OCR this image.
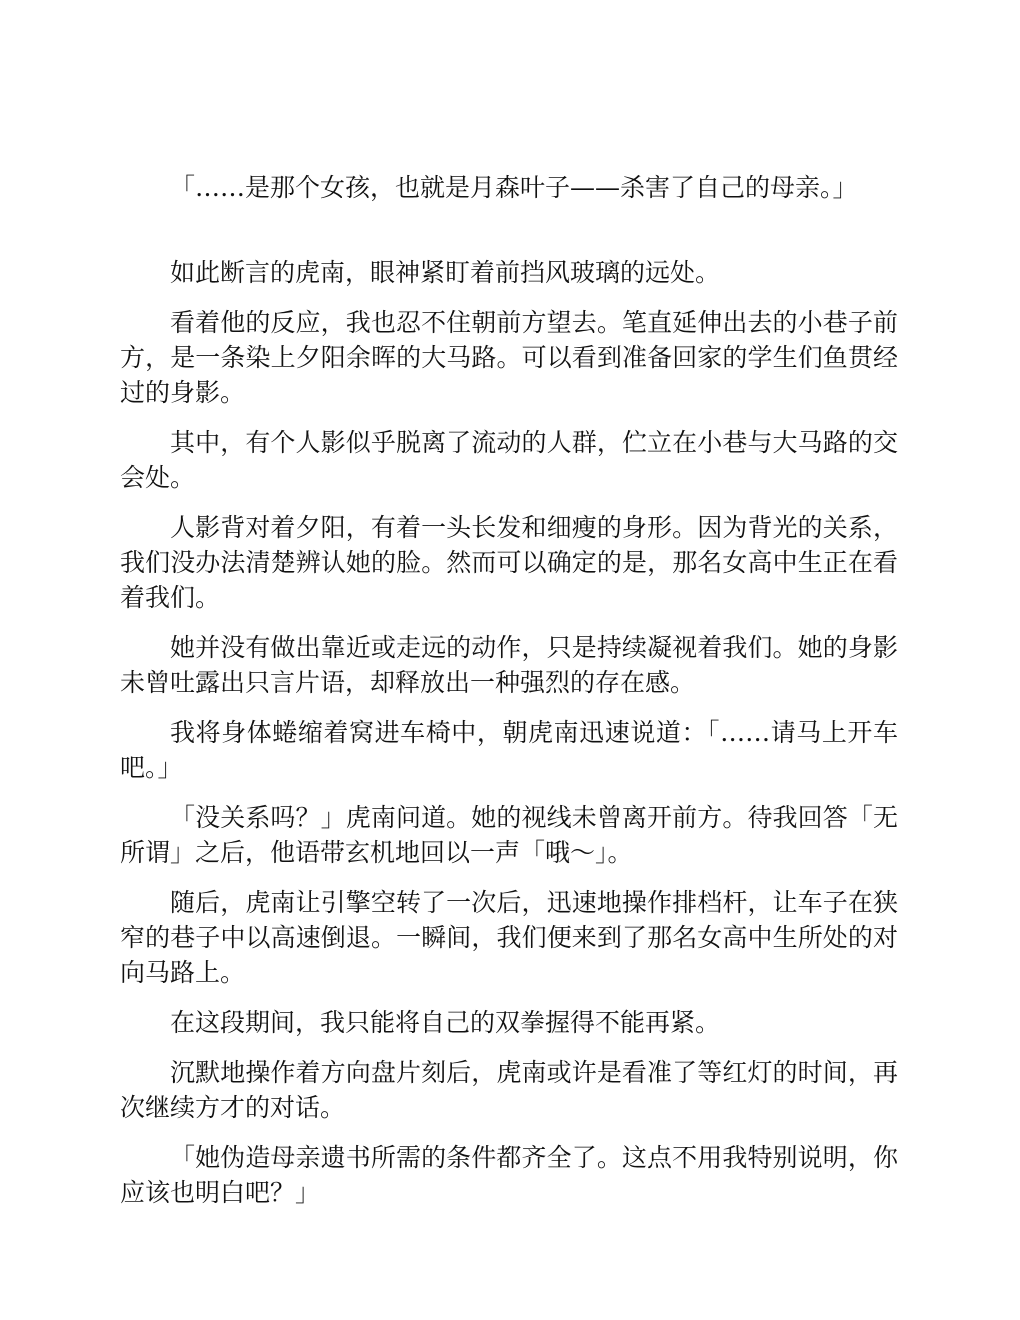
「……是那个女孩，也就是月森叶子——杀害了自己的母亲。」

如此断言的虎南，眼神紧盯着前挡风玻璃的远处。

看着他的反应，我也忍不住朝前方望去。笔直延伸出去的小巷子前方，是一条染上夕阳余晖的大马路。可以看到准备回家的学生们鱼贯经过的身影。

其中，有个人影似乎脱离了流动的人群，伫立在小巷与大马路的交会处。

人影背对着夕阳，有着一头长发和细瘦的身形。因为背光的关系，我们没办法清楚辨认她的脸。然而可以确定的是，那名女高中生正在看着我们。

她并没有做出靠近或走远的动作，只是持续凝视着我们。她的身影未曾吐露出只言片语，却释放出一种强烈的存在感。

我将身体蜷缩着窝进车椅中，朝虎南迅速说道：「……请马上开车吧。」

「没关系吗？」虎南问道。她的视线未曾离开前方。待我回答「无所谓」之后，他语带玄机地回以一声「哦～」。

随后，虎南让引擎空转了一次后，迅速地操作排档杆，让车子在狭窄的巷子中以高速倒退。一瞬间，我们便来到了那名女高中生所处的对向马路上。

在这段期间，我只能将自己的双拳握得不能再紧。

沉默地操作着方向盘片刻后，虎南或许是看准了等红灯的时间，再次继续方才的对话。

「她伪造母亲遗书所需的条件都齐全了。这点不用我特别说明，你应该也明白吧？」
